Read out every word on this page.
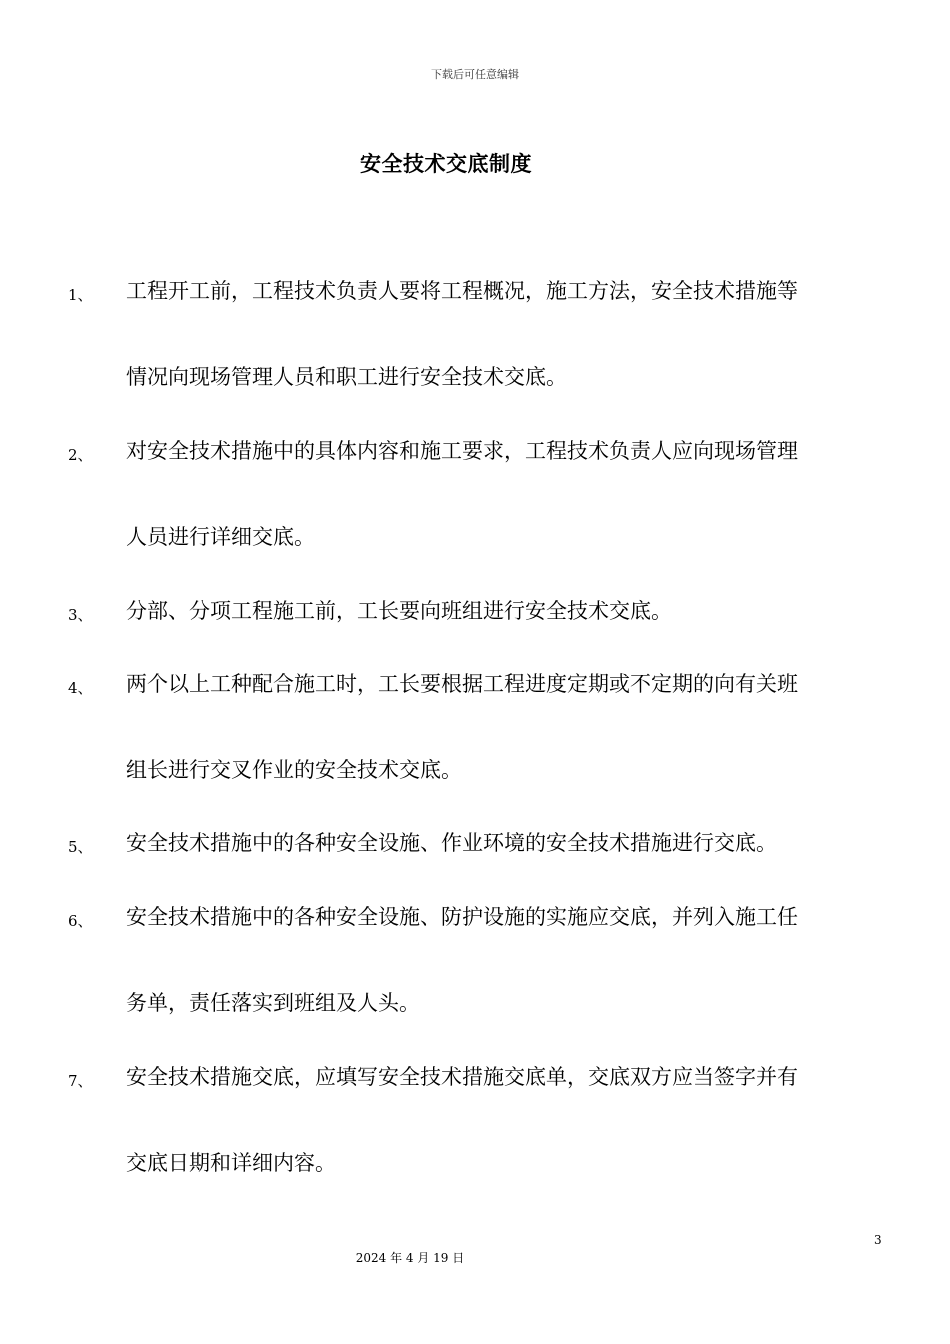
下载后可任意编辑
安全技术交底制度
1、 工程开工前，工程技术负责人要将工程概况，施工方法，安全技术措施等
情况向现场管理人员和职工进行安全技术交底。
2、 对安全技术措施中的具体内容和施工要求，工程技术负责人应向现场管理
人员进行详细交底。
3、 分部、分项工程施工前，工长要向班组进行安全技术交底。
4、 两个以上工种配合施工时，工长要根据工程进度定期或不定期的向有关班
组长进行交叉作业的安全技术交底。
5、 安全技术措施中的各种安全设施、作业环境的安全技术措施进行交底。
6、 安全技术措施中的各种安全设施、防护设施的实施应交底，并列入施工任
务单，责任落实到班组及人头。
7、 安全技术措施交底，应填写安全技术措施交底单，交底双方应当签字并有
交底日期和详细内容。
3
2024 年 4 月 19 日
